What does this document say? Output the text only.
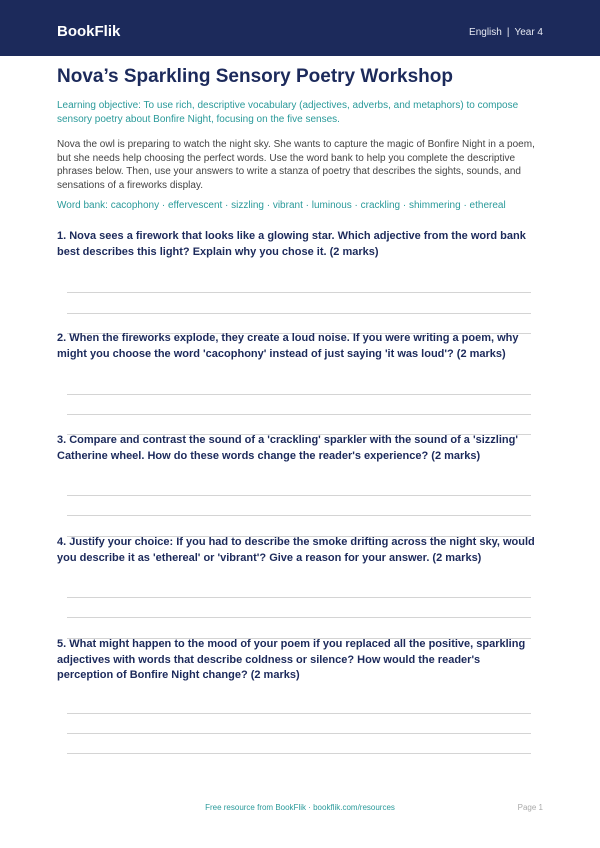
BookFlik	English | Year 4
Nova’s Sparkling Sensory Poetry Workshop
Learning objective: To use rich, descriptive vocabulary (adjectives, adverbs, and metaphors) to compose sensory poetry about Bonfire Night, focusing on the five senses.
Nova the owl is preparing to watch the night sky. She wants to capture the magic of Bonfire Night in a poem, but she needs help choosing the perfect words. Use the word bank to help you complete the descriptive phrases below. Then, use your answers to write a stanza of poetry that describes the sights, sounds, and sensations of a fireworks display.
Word bank: cacophony · effervescent · sizzling · vibrant · luminous · crackling · shimmering · ethereal
1. Nova sees a firework that looks like a glowing star. Which adjective from the word bank best describes this light? Explain why you chose it. (2 marks)
2. When the fireworks explode, they create a loud noise. If you were writing a poem, why might you choose the word 'cacophony' instead of just saying 'it was loud'? (2 marks)
3. Compare and contrast the sound of a 'crackling' sparkler with the sound of a 'sizzling' Catherine wheel. How do these words change the reader's experience? (2 marks)
4. Justify your choice: If you had to describe the smoke drifting across the night sky, would you describe it as 'ethereal' or 'vibrant'? Give a reason for your answer. (2 marks)
5. What might happen to the mood of your poem if you replaced all the positive, sparkling adjectives with words that describe coldness or silence? How would the reader's perception of Bonfire Night change? (2 marks)
Free resource from BookFlik · bookflik.com/resources	Page 1
